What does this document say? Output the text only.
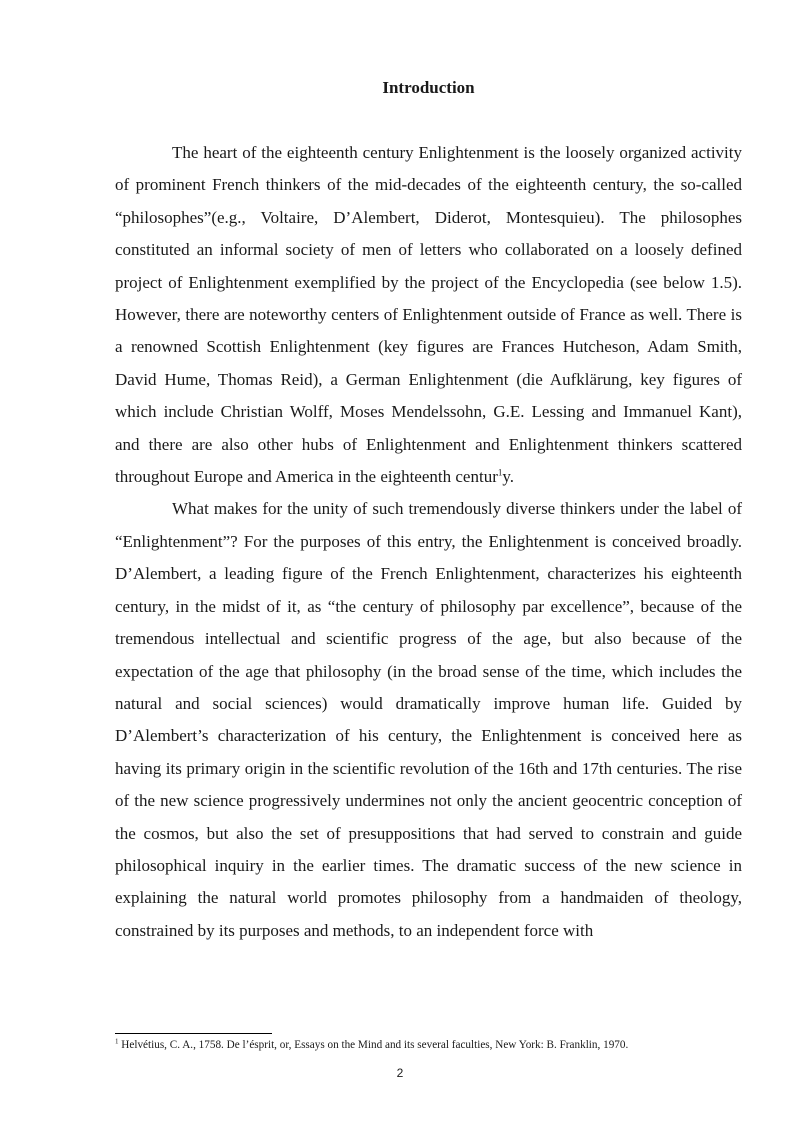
Introduction

The heart of the eighteenth century Enlightenment is the loosely organized activity of prominent French thinkers of the mid-decades of the eighteenth century, the so-called “philosophes”(e.g., Voltaire, D’Alembert, Diderot, Montesquieu). The philosophes constituted an informal society of men of letters who collaborated on a loosely defined project of Enlightenment exemplified by the project of the Encyclopedia (see below 1.5). However, there are noteworthy centers of Enlightenment outside of France as well. There is a renowned Scottish Enlightenment (key figures are Frances Hutcheson, Adam Smith, David Hume, Thomas Reid), a German Enlightenment (die Aufklärung, key figures of which include Christian Wolff, Moses Mendelssohn, G.E. Lessing and Immanuel Kant), and there are also other hubs of Enlightenment and Enlightenment thinkers scattered throughout Europe and America in the eighteenth centur$^1$y.

What makes for the unity of such tremendously diverse thinkers under the label of “Enlightenment”? For the purposes of this entry, the Enlightenment is conceived broadly. D’Alembert, a leading figure of the French Enlightenment, characterizes his eighteenth century, in the midst of it, as “the century of philosophy par excellence”, because of the tremendous intellectual and scientific progress of the age, but also because of the expectation of the age that philosophy (in the broad sense of the time, which includes the natural and social sciences) would dramatically improve human life. Guided by D’Alembert’s characterization of his century, the Enlightenment is conceived here as having its primary origin in the scientific revolution of the 16th and 17th centuries. The rise of the new science progressively undermines not only the ancient geocentric conception of the cosmos, but also the set of presuppositions that had served to constrain and guide philosophical inquiry in the earlier times. The dramatic success of the new science in explaining the natural world promotes philosophy from a handmaiden of theology, constrained by its purposes and methods, to an independent force with

$^1$ Helvétius, C. A., 1758. De l’ésprit, or, Essays on the Mind and its several faculties, New York: B. Franklin, 1970.
2
